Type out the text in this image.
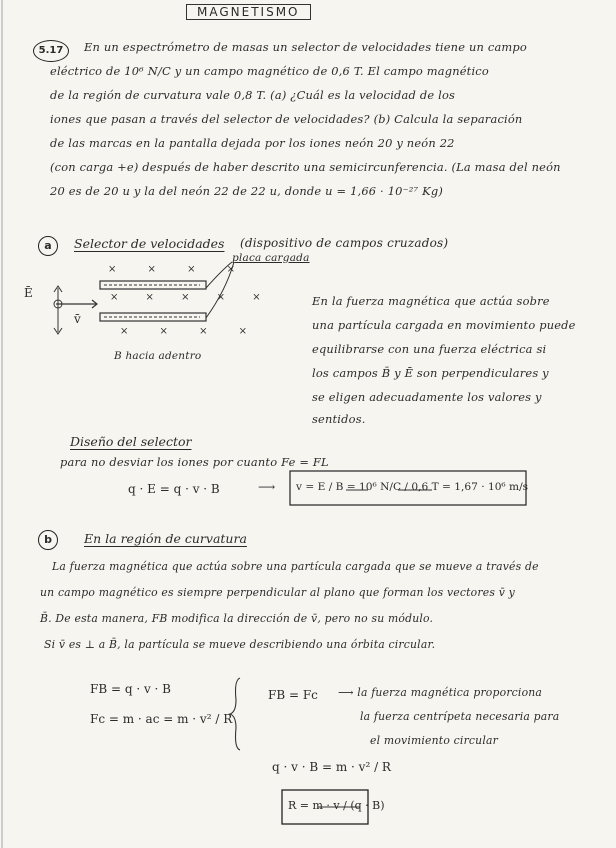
MAGNETISMO
5.17	En un espectrómetro de masas un selector de velocidades tiene un campo
eléctrico de 10⁶ N/C y un campo magnético de 0,6 T. El campo magnético
de la región de curvatura vale 0,8 T. (a) ¿Cuál es la velocidad de los
iones que pasan a través del selector de velocidades? (b) Calcula la separación
de las marcas en la pantalla dejada por los iones neón 20 y neón 22
(con carga +e) después de haber descrito una semicircunferencia. (La masa del neón
20 es de 20 u y la del neón 22 de 22 u, donde u = 1,66 · 10⁻²⁷ Kg)
a	Selector de velocidades (dispositivo de campos cruzados)
placa cargada
Ē
v̄
× × × ×
× × × × ×
× × × ×
B hacia adentro
En la fuerza magnética que actúa sobre
una partícula cargada en movimiento puede
equilibrarse con una fuerza eléctrica si
los campos B̄ y Ē son perpendiculares y
se eligen adecuadamente los valores y
sentidos.
Diseño del selector
para no desviar los iones por cuanto Fe = FL
q · E = q · v · B	⟶ v = E / B = 10⁶ N/C / 0,6 T = 1,67 · 10⁶ m/s
b	En la región de curvatura
La fuerza magnética que actúa sobre una partícula cargada que se mueve a través de
un campo magnético es siempre perpendicular al plano que forman los vectores v̄ y
B̄. De esta manera, FB modifica la dirección de v̄, pero no su módulo.
Si v̄ es ⊥ a B̄, la partícula se mueve describiendo una órbita circular.
FB = q · v · B
Fc = m · ac = m · v² / R
FB = Fc ⟶ la fuerza magnética proporciona
la fuerza centrípeta necesaria para
el movimiento circular
q · v · B = m · v² / R
R = m · v / (q · B)
